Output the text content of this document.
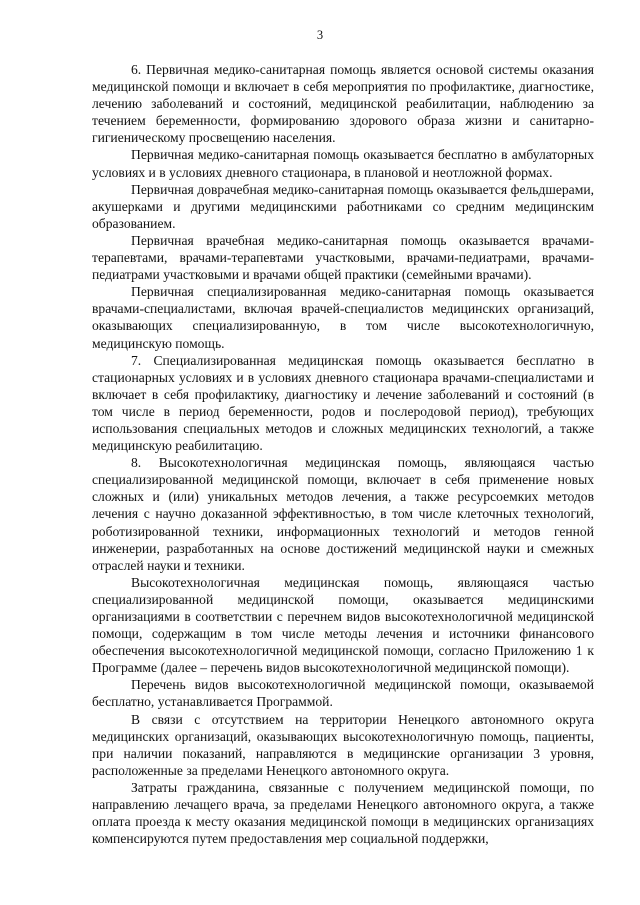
3

6. Первичная медико-санитарная помощь является основой системы оказания медицинской помощи и включает в себя мероприятия по профилактике, диагностике, лечению заболеваний и состояний, медицинской реабилитации, наблюдению за течением беременности, формированию здорового образа жизни и санитарно-гигиеническому просвещению населения.

Первичная медико-санитарная помощь оказывается бесплатно в амбулаторных условиях и в условиях дневного стационара, в плановой и неотложной формах.

Первичная доврачебная медико-санитарная помощь оказывается фельдшерами, акушерками и другими медицинскими работниками со средним медицинским образованием.

Первичная врачебная медико-санитарная помощь оказывается врачами-терапевтами, врачами-терапевтами участковыми, врачами-педиатрами, врачами-педиатрами участковыми и врачами общей практики (семейными врачами).

Первичная специализированная медико-санитарная помощь оказывается врачами-специалистами, включая врачей-специалистов медицинских организаций, оказывающих специализированную, в том числе высокотехнологичную, медицинскую помощь.

7. Специализированная медицинская помощь оказывается бесплатно в стационарных условиях и в условиях дневного стационара врачами-специалистами и включает в себя профилактику, диагностику и лечение заболеваний и состояний (в том числе в период беременности, родов и послеродовой период), требующих использования специальных методов и сложных медицинских технологий, а также медицинскую реабилитацию.

8. Высокотехнологичная медицинская помощь, являющаяся частью специализированной медицинской помощи, включает в себя применение новых сложных и (или) уникальных методов лечения, а также ресурсоемких методов лечения с научно доказанной эффективностью, в том числе клеточных технологий, роботизированной техники, информационных технологий и методов генной инженерии, разработанных на основе достижений медицинской науки и смежных отраслей науки и техники.

Высокотехнологичная медицинская помощь, являющаяся частью специализированной медицинской помощи, оказывается медицинскими организациями в соответствии с перечнем видов высокотехнологичной медицинской помощи, содержащим в том числе методы лечения и источники финансового обеспечения высокотехнологичной медицинской помощи, согласно Приложению 1 к Программе (далее – перечень видов высокотехнологичной медицинской помощи).

Перечень видов высокотехнологичной медицинской помощи, оказываемой бесплатно, устанавливается Программой.

В связи с отсутствием на территории Ненецкого автономного округа медицинских организаций, оказывающих высокотехнологичную помощь, пациенты, при наличии показаний, направляются в медицинские организации 3 уровня, расположенные за пределами Ненецкого автономного округа.

Затраты гражданина, связанные с получением медицинской помощи, по направлению лечащего врача, за пределами Ненецкого автономного округа, а также оплата проезда к месту оказания медицинской помощи в медицинских организациях компенсируются путем предоставления мер социальной поддержки,
